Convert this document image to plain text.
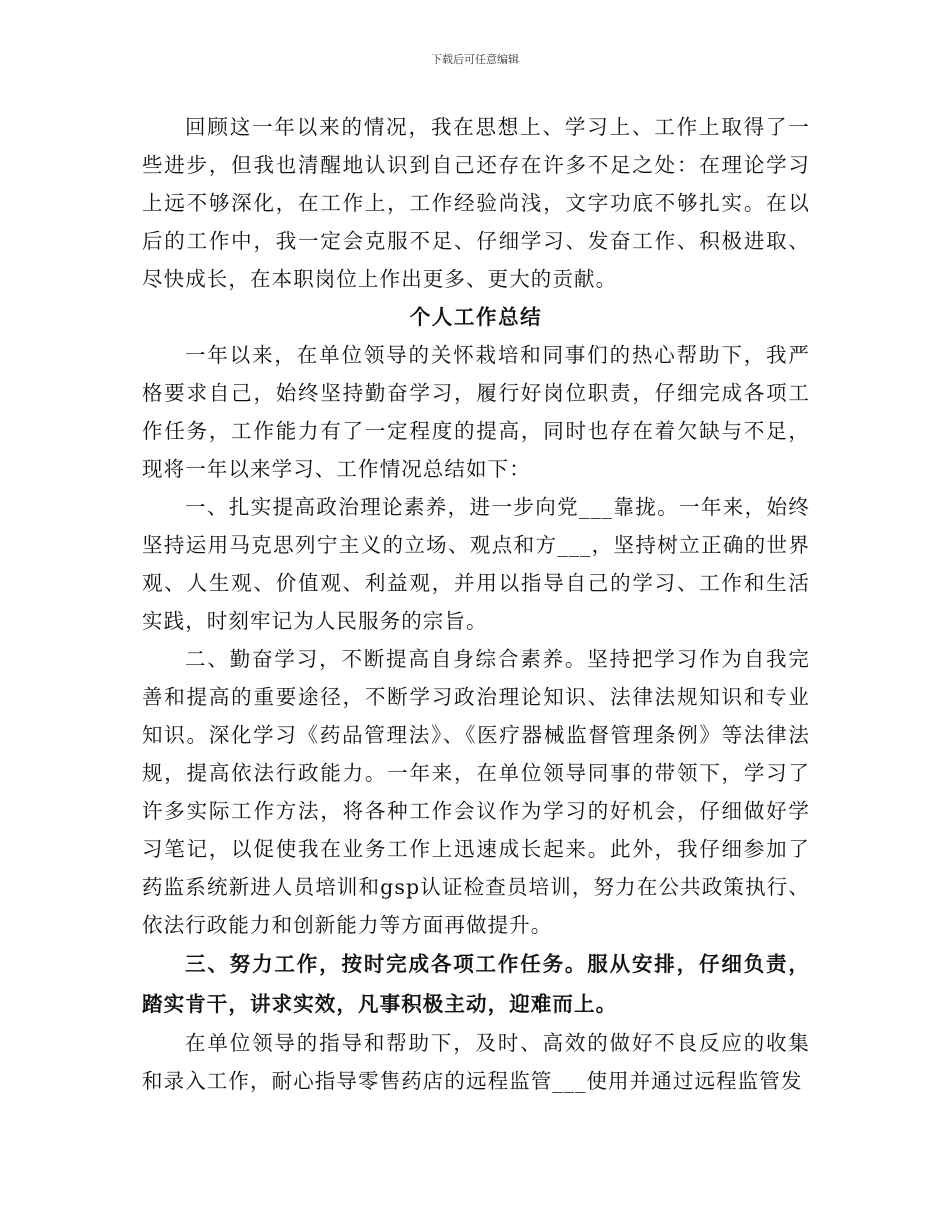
下载后可任意编辑

回顾这一年以来的情况，我在思想上、学习上、工作上取得了一些进步，但我也清醒地认识到自己还存在许多不足之处：在理论学习上远不够深化，在工作上，工作经验尚浅，文字功底不够扎实。在以后的工作中，我一定会克服不足、仔细学习、发奋工作、积极进取、尽快成长，在本职岗位上作出更多、更大的贡献。

个人工作总结

一年以来，在单位领导的关怀栽培和同事们的热心帮助下，我严格要求自己，始终坚持勤奋学习，履行好岗位职责，仔细完成各项工作任务，工作能力有了一定程度的提高，同时也存在着欠缺与不足，现将一年以来学习、工作情况总结如下：

一、扎实提高政治理论素养，进一步向党___靠拢。一年来，始终坚持运用马克思列宁主义的立场、观点和方___，坚持树立正确的世界观、人生观、价值观、利益观，并用以指导自己的学习、工作和生活实践，时刻牢记为人民服务的宗旨。

二、勤奋学习，不断提高自身综合素养。坚持把学习作为自我完善和提高的重要途径，不断学习政治理论知识、法律法规知识和专业知识。深化学习《药品管理法》、《医疗器械监督管理条例》等法律法规，提高依法行政能力。一年来，在单位领导同事的带领下，学习了许多实际工作方法，将各种工作会议作为学习的好机会，仔细做好学习笔记，以促使我在业务工作上迅速成长起来。此外，我仔细参加了药监系统新进人员培训和gsp认证检查员培训，努力在公共政策执行、依法行政能力和创新能力等方面再做提升。

三、努力工作，按时完成各项工作任务。服从安排，仔细负责，踏实肯干，讲求实效，凡事积极主动，迎难而上。

在单位领导的指导和帮助下，及时、高效的做好不良反应的收集和录入工作，耐心指导零售药店的远程监管___使用并通过远程监管发
